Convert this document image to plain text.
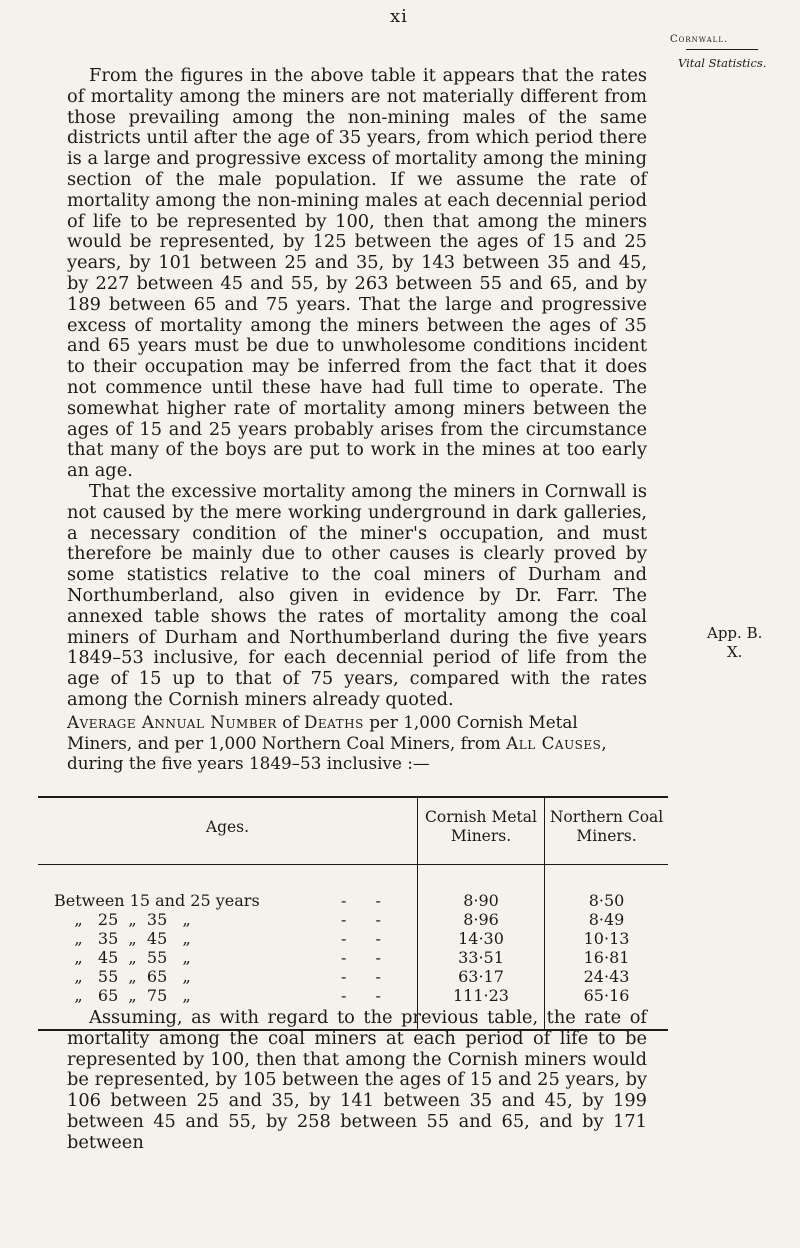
xi
Cornwall.
Vital Statistics.
App. B.
X.

From the figures in the above table it appears that the rates of mortality among the miners are not materially different from those prevailing among the non-mining males of the same districts until after the age of 35 years, from which period there is a large and progressive excess of mortality among the mining section of the male population. If we assume the rate of mortality among the non-mining males at each decennial period of life to be represented by 100, then that among the miners would be represented, by 125 between the ages of 15 and 25 years, by 101 between 25 and 35, by 143 between 35 and 45, by 227 between 45 and 55, by 263 between 55 and 65, and by 189 between 65 and 75 years. That the large and progressive excess of mortality among the miners between the ages of 35 and 65 years must be due to unwholesome conditions incident to their occupation may be inferred from the fact that it does not commence until these have had full time to operate. The somewhat higher rate of mortality among miners between the ages of 15 and 25 years probably arises from the circumstance that many of the boys are put to work in the mines at too early an age.

That the excessive mortality among the miners in Cornwall is not caused by the mere working underground in dark galleries, a necessary condition of the miner's occupation, and must therefore be mainly due to other causes is clearly proved by some statistics relative to the coal miners of Durham and Northumberland, also given in evidence by Dr. Farr. The annexed table shows the rates of mortality among the coal miners of Durham and Northumberland during the five years 1849–53 inclusive, for each decennial period of life from the age of 15 up to that of 75 years, compared with the rates among the Cornish miners already quoted.

Average Annual Number of Deaths per 1,000 Cornish Metal Miners, and per 1,000 Northern Coal Miners, from All Causes, during the five years 1849–53 inclusive :—
Ages.	Cornish Metal Miners.	Northern Coal Miners.

Between 15 and 25 years - -	8·90	8·50

„   25  „  35   „ - -	8·96	8·49

„   35  „  45   „ - -	14·30	10·13

„   45  „  55   „ - -	33·51	16·81

„   55  „  65   „ - -	63·17	24·43

„   65  „  75   „ - -	111·23	65·16

Assuming, as with regard to the previous table, the rate of mortality among the coal miners at each period of life to be represented by 100, then that among the Cornish miners would be represented, by 105 between the ages of 15 and 25 years, by 106 between 25 and 35, by 141 between 35 and 45, by 199 between 45 and 55, by 258 between 55 and 65, and by 171 between
